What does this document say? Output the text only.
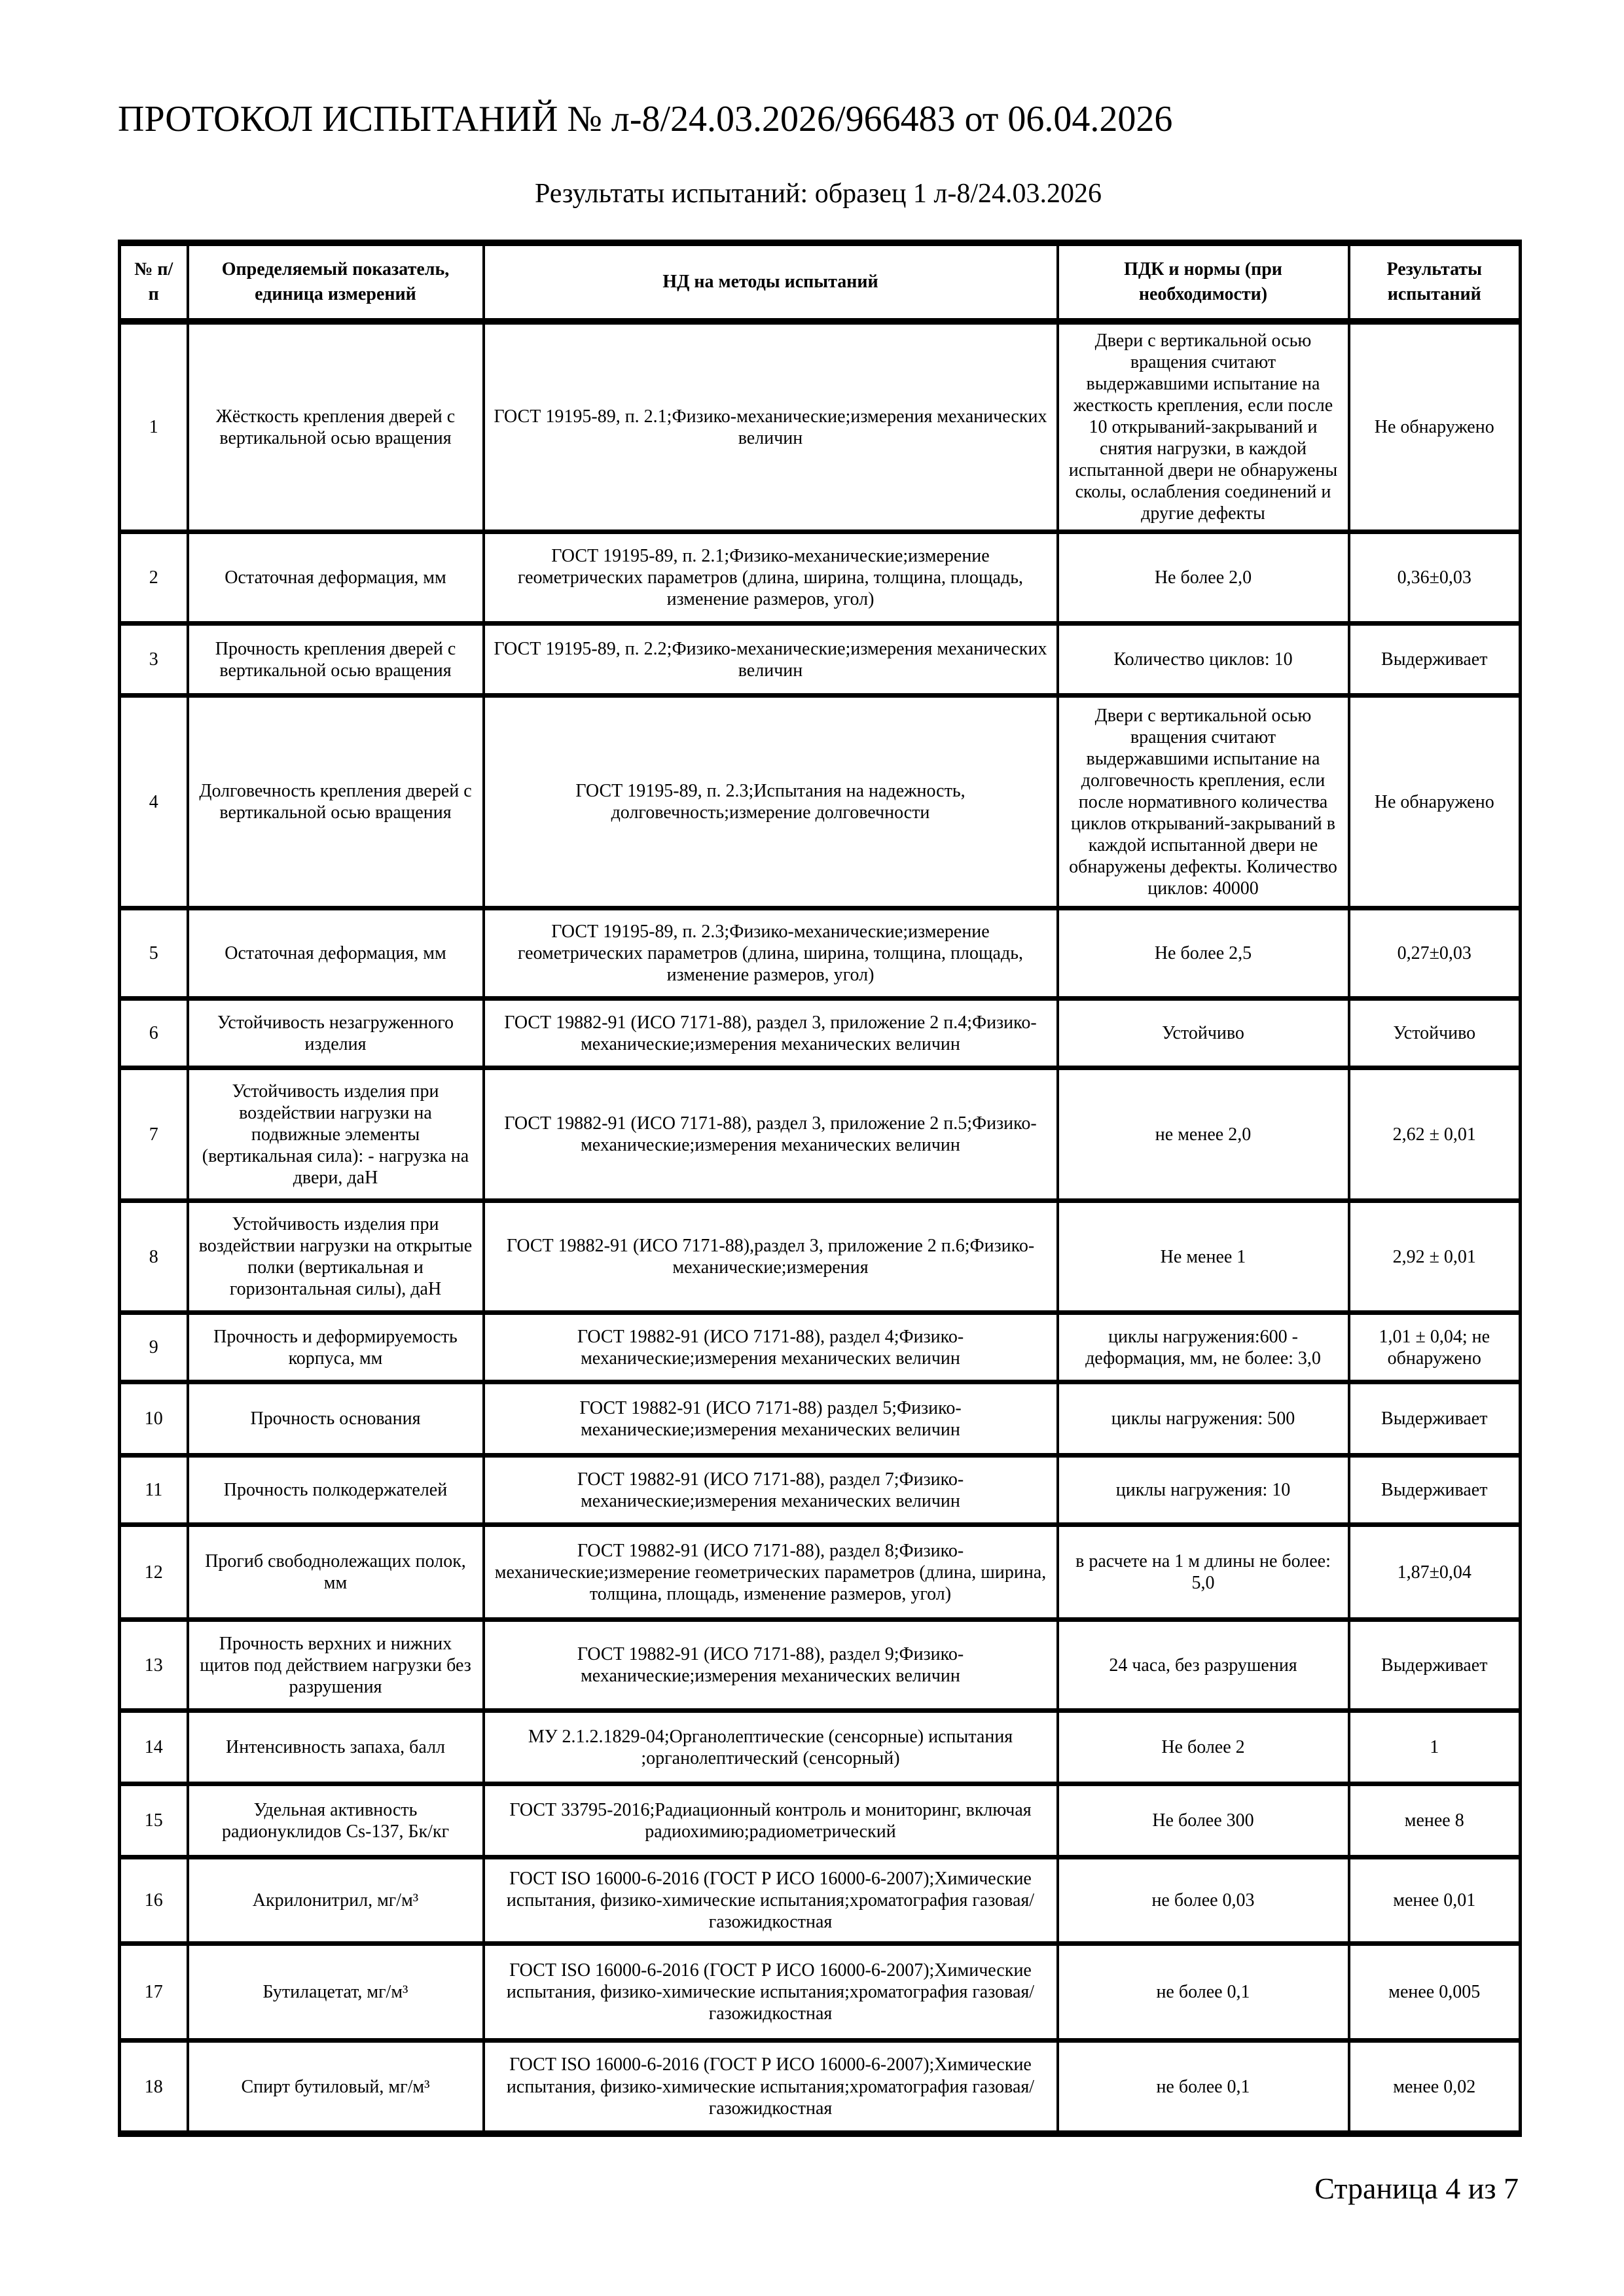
ПРОТОКОЛ ИСПЫТАНИЙ № л-8/24.03.2026/966483 от 06.04.2026
Результаты испытаний: образец 1 л-8/24.03.2026
№ п/п	Определяемый показатель, единица измерений	НД на методы испытаний	ПДК и нормы (при необходимости)	Результаты испытаний
1	Жёсткость крепления дверей с вертикальной осью вращения	ГОСТ 19195-89, п. 2.1;Физико-механические;измерения механических величин	Двери с вертикальной осью вращения считают выдержавшими испытание на жесткость крепления, если после 10 открываний-закрываний и снятия нагрузки, в каждой испытанной двери не обнаружены сколы, ослабления соединений и другие дефекты	Не обнаружено
2	Остаточная деформация, мм	ГОСТ 19195-89, п. 2.1;Физико-механические;измерение геометрических параметров (длина, ширина, толщина, площадь, изменение размеров, угол)	Не более 2,0	0,36±0,03
3	Прочность крепления дверей с вертикальной осью вращения	ГОСТ 19195-89, п. 2.2;Физико-механические;измерения механических величин	Количество циклов: 10	Выдерживает
4	Долговечность крепления дверей с вертикальной осью вращения	ГОСТ 19195-89, п. 2.3;Испытания на надежность, долговечность;измерение долговечности	Двери с вертикальной осью вращения считают выдержавшими испытание на долговечность крепления, если после нормативного количества циклов открываний-закрываний в каждой испытанной двери не обнаружены дефекты. Количество циклов: 40000	Не обнаружено
5	Остаточная деформация, мм	ГОСТ 19195-89, п. 2.3;Физико-механические;измерение геометрических параметров (длина, ширина, толщина, площадь, изменение размеров, угол)	Не более 2,5	0,27±0,03
6	Устойчивость незагруженного изделия	ГОСТ 19882-91 (ИСО 7171-88), раздел 3, приложение 2 п.4;Физико-механические;измерения механических величин	Устойчиво	Устойчиво
7	Устойчивость изделия при воздействии нагрузки на подвижные элементы (вертикальная сила): - нагрузка на двери, даН	ГОСТ 19882-91 (ИСО 7171-88), раздел 3, приложение 2 п.5;Физико-механические;измерения механических величин	не менее 2,0	2,62 ± 0,01
8	Устойчивость изделия при воздействии нагрузки на открытые полки (вертикальная и горизонтальная силы), даН	ГОСТ 19882-91 (ИСО 7171-88),раздел 3, приложение 2 п.6;Физико-механические;измерения	Не менее 1	2,92 ± 0,01
9	Прочность и деформируемость корпуса, мм	ГОСТ 19882-91 (ИСО 7171-88), раздел 4;Физико-механические;измерения механических величин	циклы нагружения:600 - деформация, мм, не более: 3,0	1,01 ± 0,04; не обнаружено
10	Прочность основания	ГОСТ 19882-91 (ИСО 7171-88) раздел 5;Физико-механические;измерения механических величин	циклы нагружения: 500	Выдерживает
11	Прочность полкодержателей	ГОСТ 19882-91 (ИСО 7171-88), раздел 7;Физико-механические;измерения механических величин	циклы нагружения: 10	Выдерживает
12	Прогиб свободнолежащих полок, мм	ГОСТ 19882-91 (ИСО 7171-88), раздел 8;Физико-механические;измерение геометрических параметров (длина, ширина, толщина, площадь, изменение размеров, угол)	в расчете на 1 м длины не более: 5,0	1,87±0,04
13	Прочность верхних и нижних щитов под действием нагрузки без разрушения	ГОСТ 19882-91 (ИСО 7171-88), раздел 9;Физико-механические;измерения механических величин	24 часа, без разрушения	Выдерживает
14	Интенсивность запаха, балл	МУ 2.1.2.1829-04;Органолептические (сенсорные) испытания ;органолептический (сенсорный)	Не более 2	1
15	Удельная активность радионуклидов Cs-137, Бк/кг	ГОСТ 33795-2016;Радиационный контроль и мониторинг, включая радиохимию;радиометрический	Не более 300	менее 8
16	Акрилонитрил, мг/м³	ГОСТ ISO 16000-6-2016 (ГОСТ Р ИСО 16000-6-2007);Химические испытания, физико-химические испытания;хроматография газовая/газожидкостная	не более 0,03	менее 0,01
17	Бутилацетат, мг/м³	ГОСТ ISO 16000-6-2016 (ГОСТ Р ИСО 16000-6-2007);Химические испытания, физико-химические испытания;хроматография газовая/газожидкостная	не более 0,1	менее 0,005
18	Спирт бутиловый, мг/м³	ГОСТ ISO 16000-6-2016 (ГОСТ Р ИСО 16000-6-2007);Химические испытания, физико-химические испытания;хроматография газовая/газожидкостная	не более 0,1	менее 0,02
Страница 4 из 7
